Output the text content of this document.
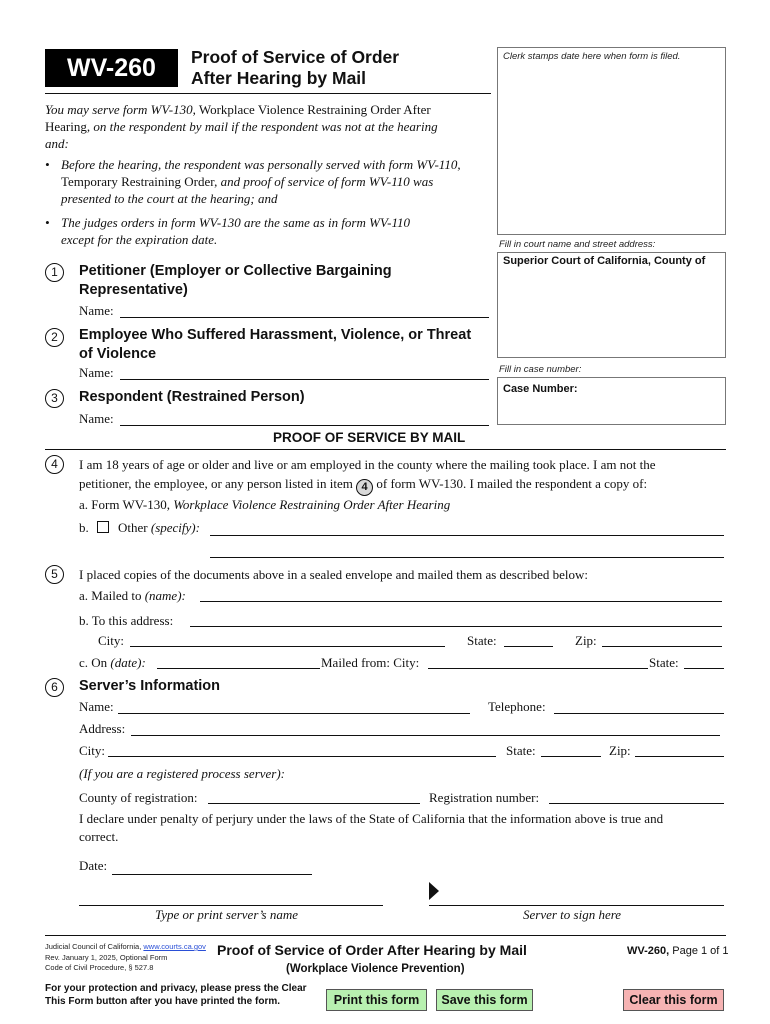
WV-260	Proof of Service of Order
After Hearing by Mail
Clerk stamps date here when form is filed.
You may serve form WV-130, Workplace Violence Restraining Order After
Hearing, on the respondent by mail if the respondent was not at the hearing
and:
• Before the hearing, the respondent was personally served with form WV-110,
Temporary Restraining Order, and proof of service of form WV-110 was
presented to the court at the hearing; and
• The judges orders in form WV-130 are the same as in form WV-110
except for the expiration date.	Fill in court name and street address:
Superior Court of California, County of
Fill in case number:
Case Number:
1	Petitioner (Employer or Collective Bargaining
Representative)
Name:
2	Employee Who Suffered Harassment, Violence, or Threat
of Violence
Name:
3	Respondent (Restrained Person)
Name:
PROOF OF SERVICE BY MAIL
4	I am 18 years of age or older and live or am employed in the county where the mailing took place. I am not the
petitioner, the employee, or any person listed in item 4 of form WV-130. I mailed the respondent a copy of:
a. Form WV-130, Workplace Violence Restraining Order After Hearing
b. Other (specify):
5	I placed copies of the documents above in a sealed envelope and mailed them as described below:
a. Mailed to (name):
b. To this address:
City:	State:	Zip:
c. On (date):	Mailed from: City:	State:
6	Server’s Information
Name:	Telephone:
Address:
City:	State:	Zip:
(If you are a registered process server):
County of registration:	Registration number:
I declare under penalty of perjury under the laws of the State of California that the information above is true and
correct.
Date:
Type or print server’s name	Server to sign here
Judicial Council of California, www.courts.ca.gov
Rev. January 1, 2025, Optional Form
Code of Civil Procedure, § 527.8
Proof of Service of Order After Hearing by Mail
(Workplace Violence Prevention)
WV-260, Page 1 of 1
For your protection and privacy, please press the Clear
This Form button after you have printed the form.	Print this form	Save this form	Clear this form
